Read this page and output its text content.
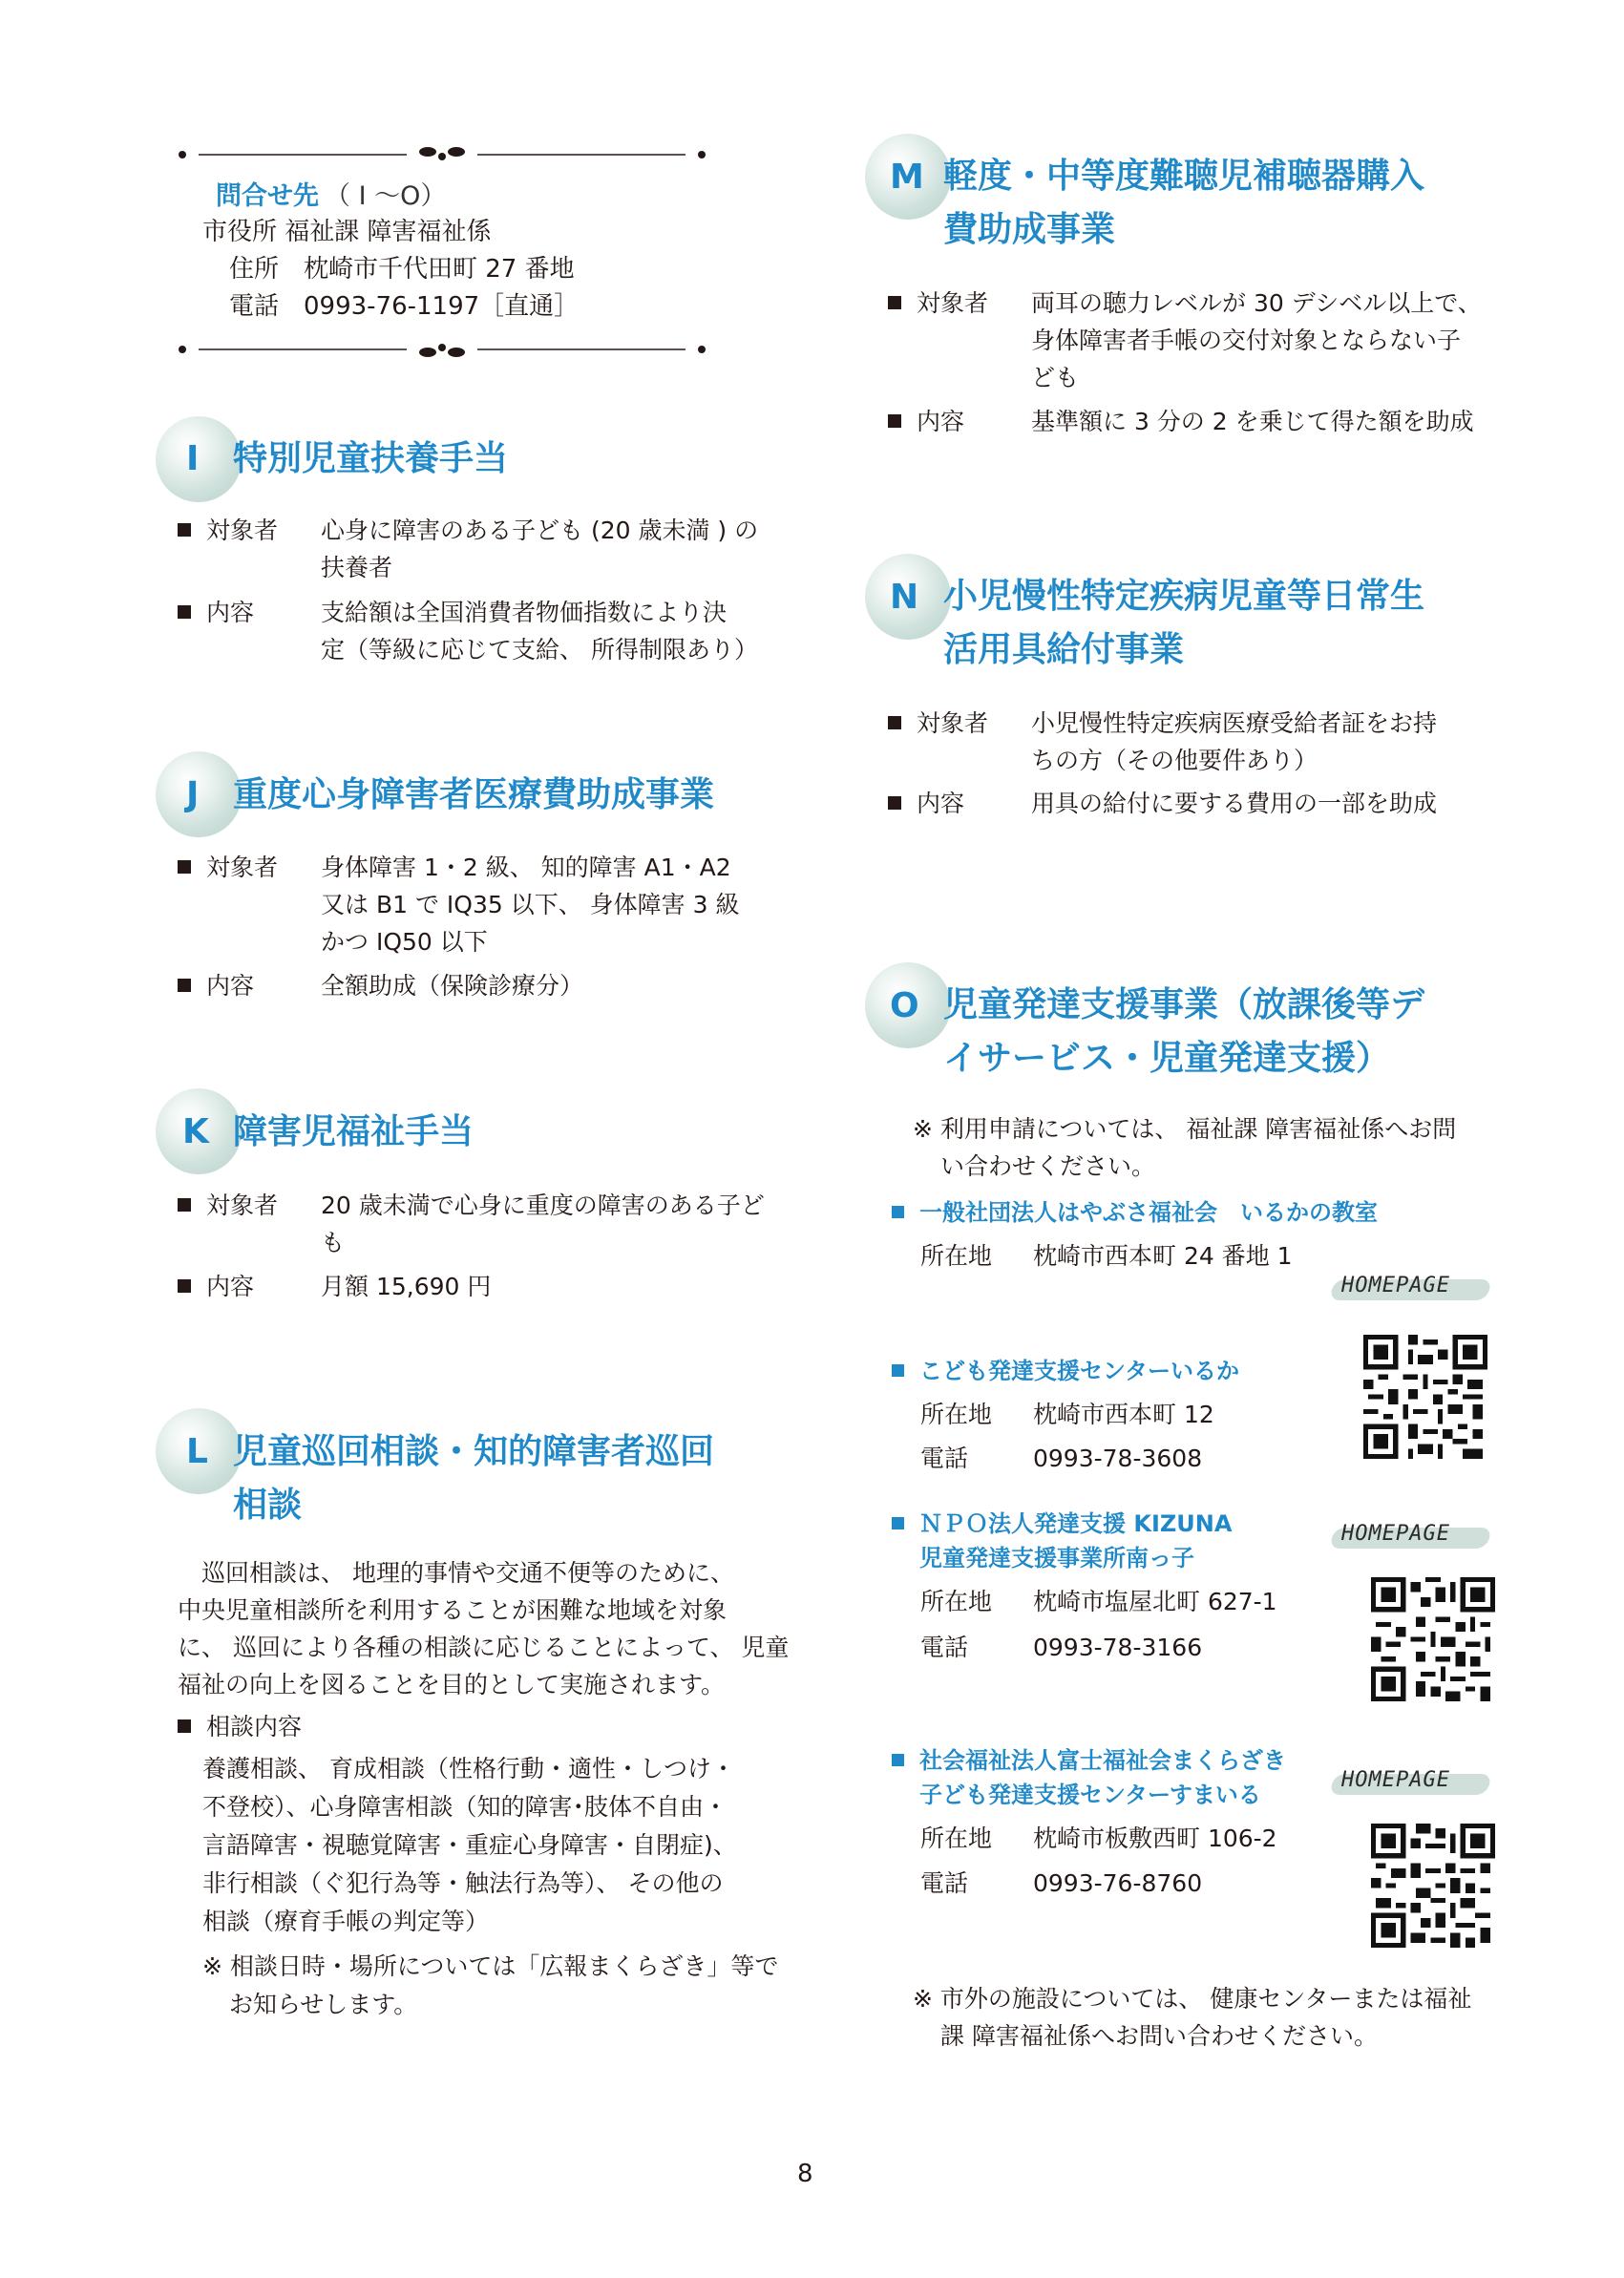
問合せ先 （ I ～O）
市役所 福祉課 障害福祉係
住所　枕崎市千代田町 27 番地
電話　0993-76-1197［直通］
I 特別児童扶養手当
対象者 心身に障害のある子ども (20 歳未満 ) の
扶養者
内容	支給額は全国消費者物価指数により決
定（等級に応じて支給、 所得制限あり）
J 重度心身障害者医療費助成事業
対象者 身体障害 1・2 級、 知的障害 A1・A2
又は B1 で IQ35 以下、 身体障害 3 級
かつ IQ50 以下
内容	全額助成（保険診療分）
K 障害児福祉手当
対象者 20 歳未満で心身に重度の障害のある子ど
も
内容	月額 15,690 円
L 児童巡回相談・知的障害者巡回
相談
　巡回相談は、 地理的事情や交通不便等のために、
中央児童相談所を利用することが困難な地域を対象
に、 巡回により各種の相談に応じることによって、 児童
福祉の向上を図ることを目的として実施されます。
相談内容
養護相談、 育成相談（性格行動・適性・しつけ・
不登校）、心身障害相談（知的障害･肢体不自由・
言語障害・視聴覚障害・重症心身障害・自閉症)、
非行相談（ぐ犯行為等・触法行為等）、 その他の
相談（療育手帳の判定等）
※ 相談日時・場所については「広報まくらざき」等で
お知らせします。
M 軽度・中等度難聴児補聴器購入
費助成事業
対象者 両耳の聴力レベルが 30 デシベル以上で、
身体障害者手帳の交付対象とならない子
ども
内容	基準額に 3 分の 2 を乗じて得た額を助成
N 小児慢性特定疾病児童等日常生
活用具給付事業
対象者 小児慢性特定疾病医療受給者証をお持
ちの方（その他要件あり）
内容	用具の給付に要する費用の一部を助成
O 児童発達支援事業（放課後等デ
イサービス・児童発達支援）
※ 利用申請については、 福祉課 障害福祉係へお問
い合わせください。
一般社団法人はやぶさ福祉会　いるかの教室
所在地 枕崎市西本町 24 番地 1
HOMEPAGE
こども発達支援センターいるか
所在地 枕崎市西本町 12
電話	0993-78-3608
ＮＰＯ法人発達支援 KIZUNA
児童発達支援事業所南っ子
所在地 枕崎市塩屋北町 627-1
電話	0993-78-3166
HOMEPAGE
社会福祉法人富士福祉会まくらざき
子ども発達支援センターすまいる
所在地 枕崎市板敷西町 106-2
電話	0993-76-8760
HOMEPAGE
※ 市外の施設については、 健康センターまたは福祉
課 障害福祉係へお問い合わせください。
8
